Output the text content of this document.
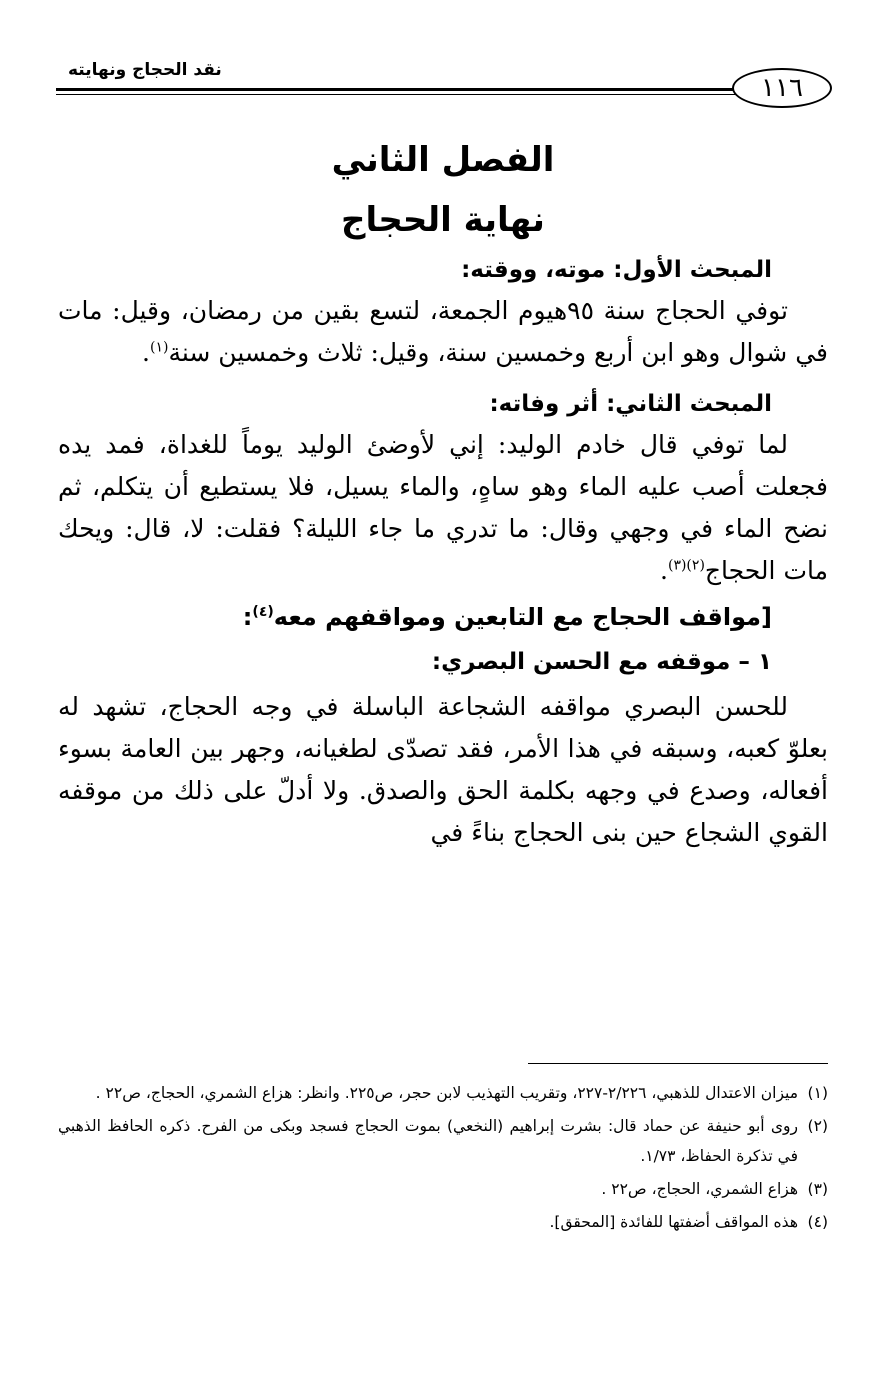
نقد الحجاج ونهايته
١١٦
الفصل الثاني
نهاية الحجاج
المبحث الأول: موته، ووقته:

توفي الحجاج سنة ٩٥هيوم الجمعة، لتسع بقين من رمضان، وقيل: مات في شوال وهو ابن أربع وخمسين سنة، وقيل: ثلاث وخمسين سنة$^{(١)}$.

المبحث الثاني: أثر وفاته:

لما توفي قال خادم الوليد: إني لأوضئ الوليد يوماً للغداة، فمد يده فجعلت أصب عليه الماء وهو ساهٍ، والماء يسيل، فلا يستطيع أن يتكلم، ثم نضح الماء في وجهي وقال: ما تدري ما جاء الليلة؟ فقلت: لا، قال: ويحك مات الحجاج$^{(٢)(٣)}$.

[مواقف الحجاج مع التابعين ومواقفهم معه$^{(٤)}$:
١ – موقفه مع الحسن البصري:

للحسن البصري مواقفه الشجاعة الباسلة في وجه الحجاج، تشهد له بعلوّ كعبه، وسبقه في هذا الأمر، فقد تصدّى لطغيانه، وجهر بين العامة بسوء أفعاله، وصدع في وجهه بكلمة الحق والصدق. ولا أدلّ على ذلك من موقفه القوي الشجاع حين بنى الحجاج بناءً في

(١)
ميزان الاعتدال للذهبي، ٢/٢٢٦-٢٢٧، وتقريب التهذيب لابن حجر، ص٢٢٥. وانظر: هزاع الشمري، الحجاج، ص٢٢ .

(٢)
روى أبو حنيفة عن حماد قال: بشرت إبراهيم (النخعي) بموت الحجاج فسجد وبكى من الفرح. ذكره الحافظ الذهبي في تذكرة الحفاظ، ١/٧٣.

(٣)
هزاع الشمري، الحجاج، ص٢٢ .

(٤)
هذه المواقف أضفتها للفائدة [المحقق].
